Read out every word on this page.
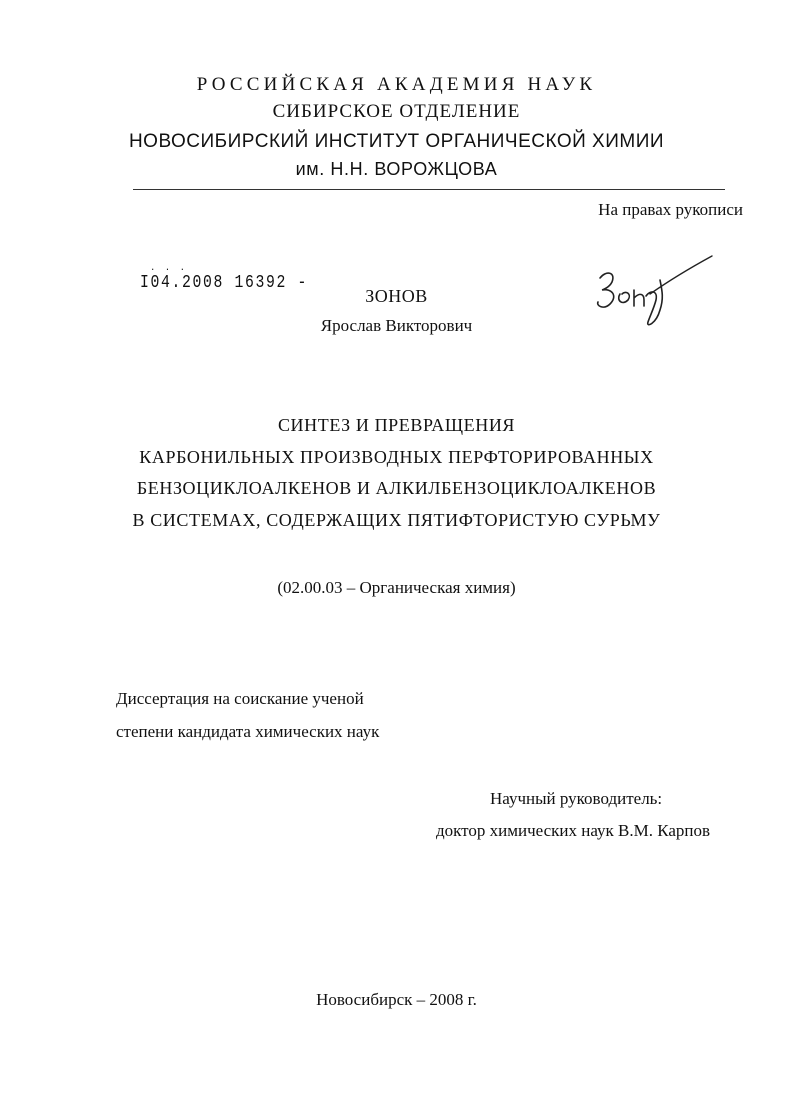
РОССИЙСКАЯ АКАДЕМИЯ НАУК
СИБИРСКОЕ ОТДЕЛЕНИЕ
НОВОСИБИРСКИЙ ИНСТИТУТ ОРГАНИЧЕСКОЙ ХИМИИ
им. Н.Н. ВОРОЖЦОВА
На правах рукописи
· · ·
I04.2008 16392 -
ЗОНОВ
Ярослав Викторович
СИНТЕЗ И ПРЕВРАЩЕНИЯ
КАРБОНИЛЬНЫХ ПРОИЗВОДНЫХ ПЕРФТОРИРОВАННЫХ
БЕНЗОЦИКЛОАЛКЕНОВ И АЛКИЛБЕНЗОЦИКЛОАЛКЕНОВ
В СИСТЕМАХ, СОДЕРЖАЩИХ ПЯТИФТОРИСТУЮ СУРЬМУ
(02.00.03 – Органическая химия)
Диссертация на соискание ученой
степени кандидата химических наук
Научный руководитель:
доктор химических наук В.М. Карпов
Новосибирск – 2008 г.
